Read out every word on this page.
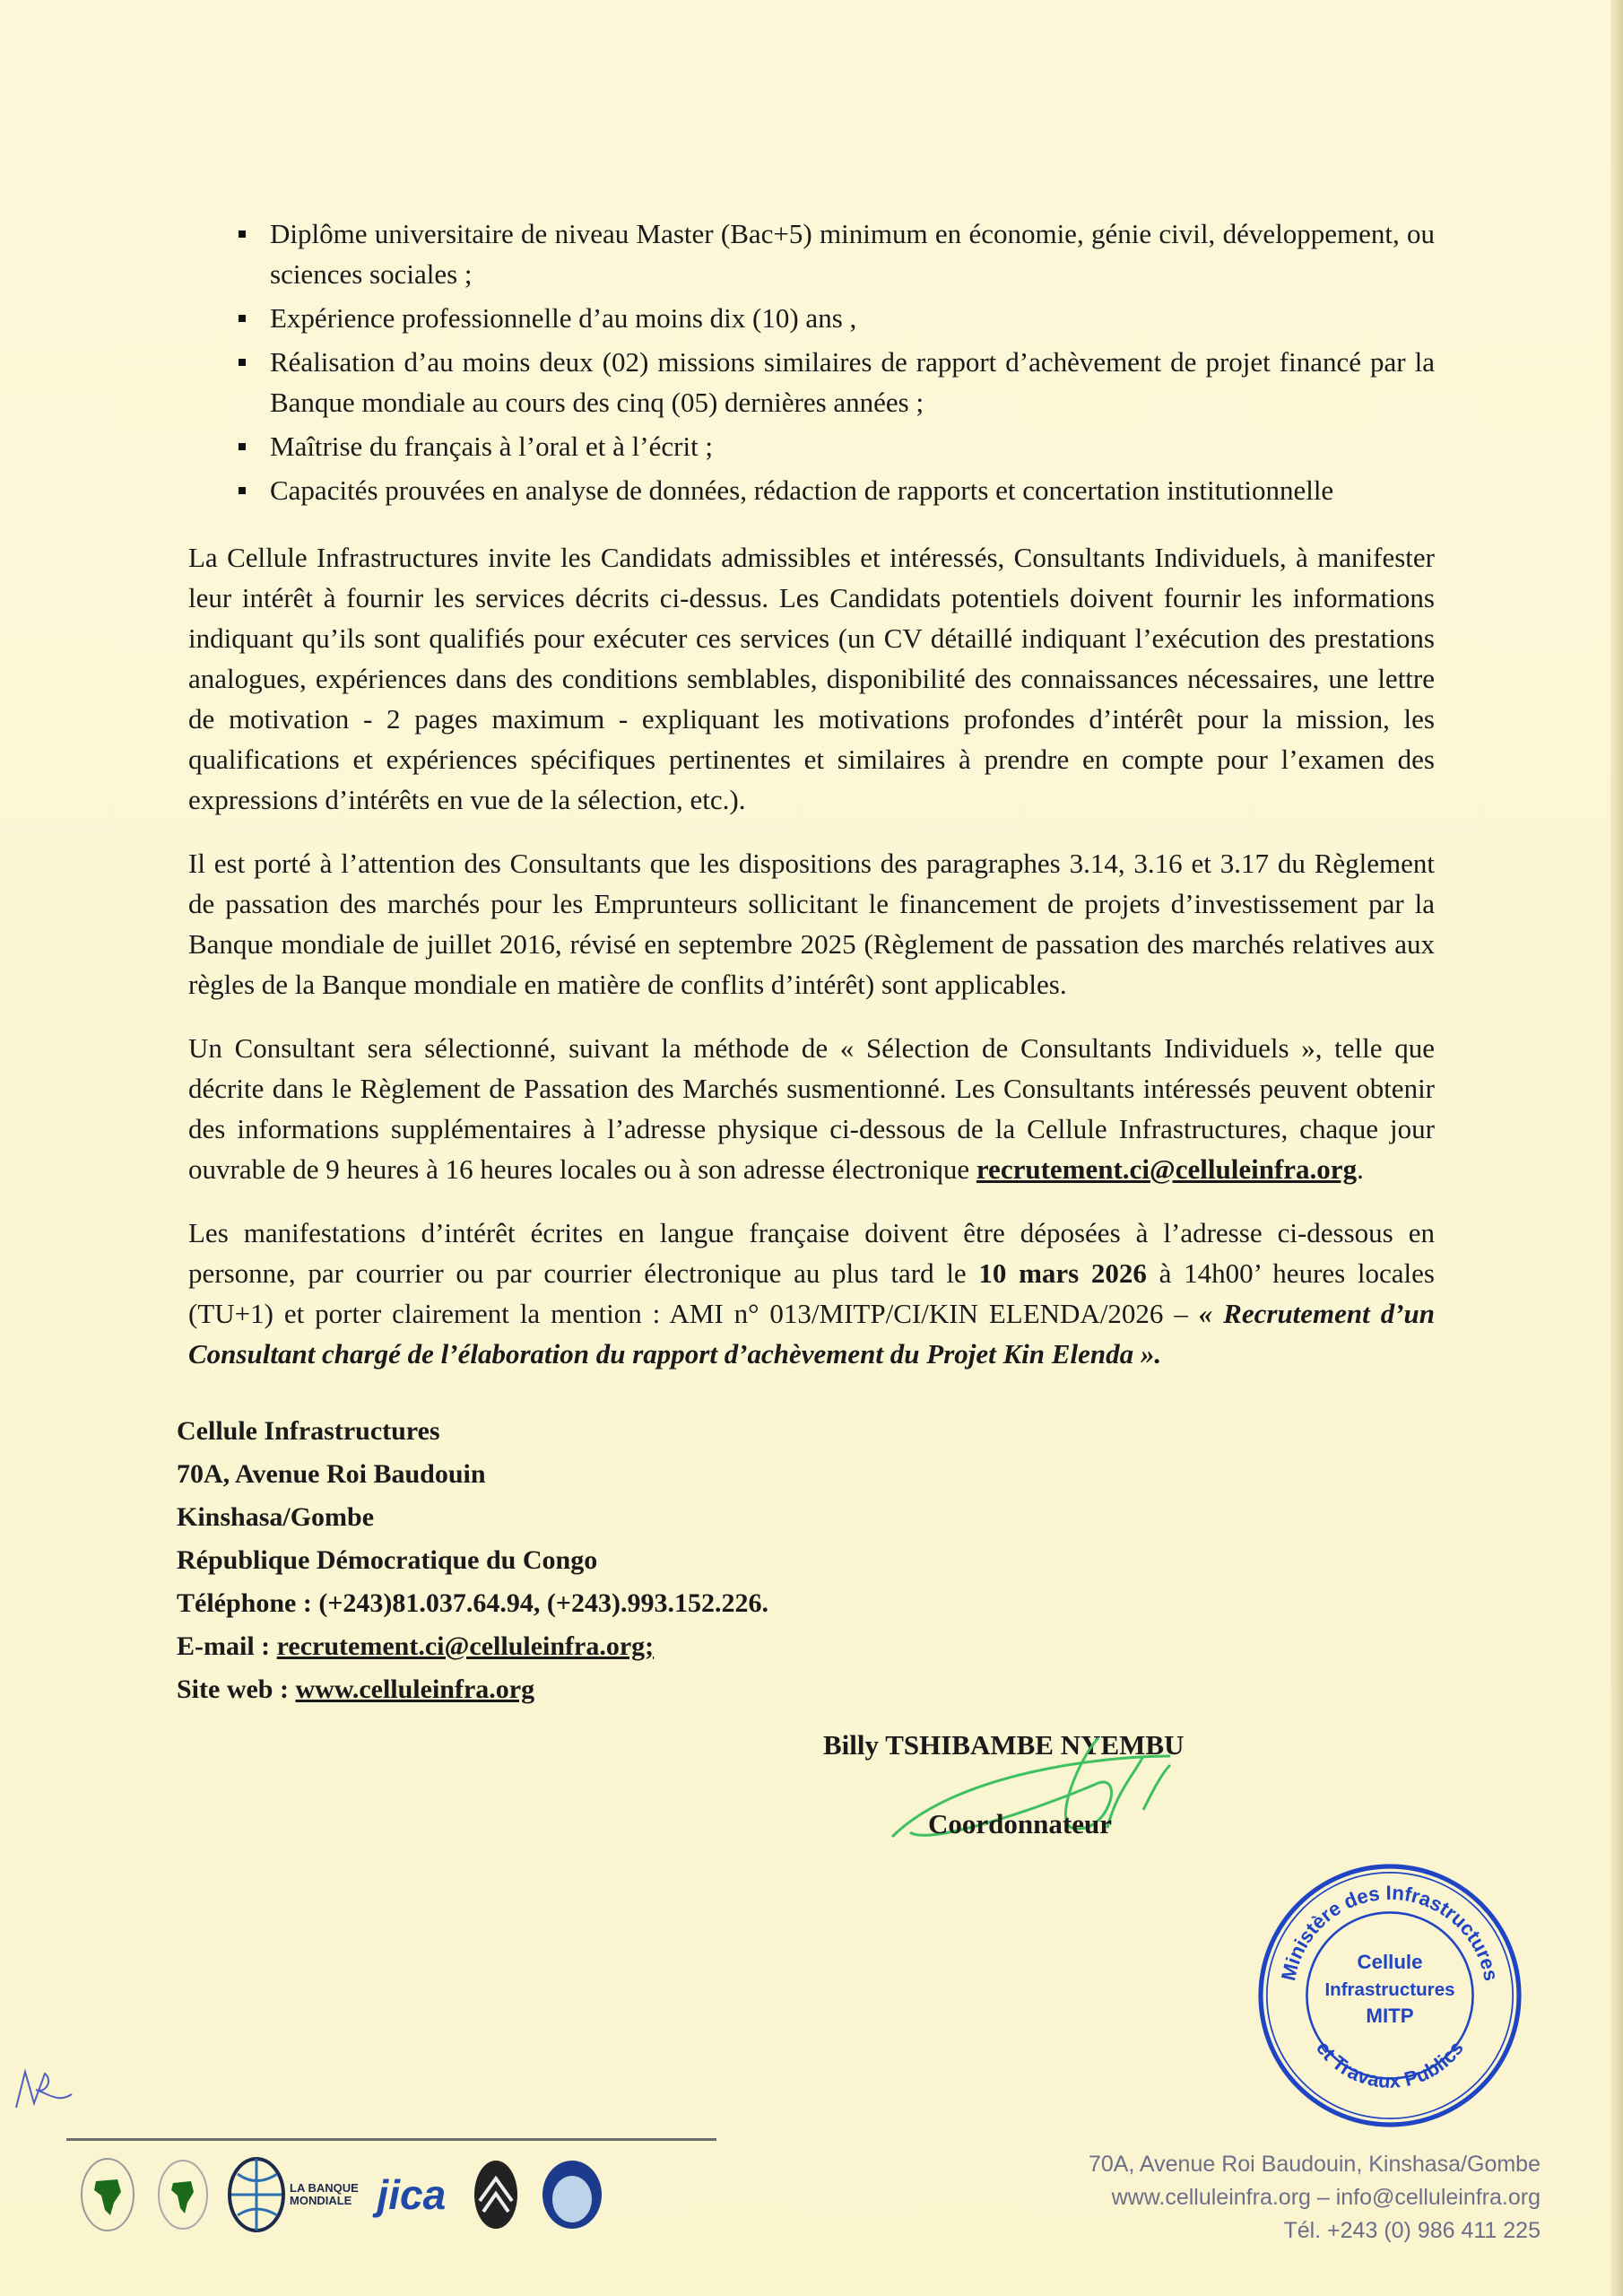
Diplôme universitaire de niveau Master (Bac+5) minimum en économie, génie civil, développement, ou sciences sociales ;
Expérience professionnelle d’au moins dix (10) ans ,
Réalisation d’au moins deux (02) missions similaires de rapport d’achèvement de projet financé par la Banque mondiale au cours des cinq (05) dernières années ;
Maîtrise du français à l’oral et à l’écrit ;
Capacités prouvées en analyse de données, rédaction de rapports et concertation institutionnelle

La Cellule Infrastructures invite les Candidats admissibles et intéressés, Consultants Individuels, à manifester leur intérêt à fournir les services décrits ci-dessus. Les Candidats potentiels doivent fournir les informations indiquant qu’ils sont qualifiés pour exécuter ces services (un CV détaillé indiquant l’exécution des prestations analogues, expériences dans des conditions semblables, disponibilité des connaissances nécessaires, une lettre de motivation - 2 pages maximum - expliquant les motivations profondes d’intérêt pour la mission, les qualifications et expériences spécifiques pertinentes et similaires à prendre en compte pour l’examen des expressions d’intérêts en vue de la sélection, etc.).

Il est porté à l’attention des Consultants que les dispositions des paragraphes 3.14, 3.16 et 3.17 du Règlement de passation des marchés pour les Emprunteurs sollicitant le financement de projets d’investissement par la Banque mondiale de juillet 2016, révisé en septembre 2025 (Règlement de passation des marchés relatives aux règles de la Banque mondiale en matière de conflits d’intérêt) sont applicables.

Un Consultant sera sélectionné, suivant la méthode de « Sélection de Consultants Individuels », telle que décrite dans le Règlement de Passation des Marchés susmentionné. Les Consultants intéressés peuvent obtenir des informations supplémentaires à l’adresse physique ci-dessous de la Cellule Infrastructures, chaque jour ouvrable de 9 heures à 16 heures locales ou à son adresse électronique recrutement.ci@celluleinfra.org.

Les manifestations d’intérêt écrites en langue française doivent être déposées à l’adresse ci-dessous en personne, par courrier ou par courrier électronique au plus tard le 10 mars 2026 à 14h00’ heures locales (TU+1) et porter clairement la mention : AMI n° 013/MITP/CI/KIN ELENDA/2026 – « Recrutement d’un Consultant chargé de l’élaboration du rapport d’achèvement du Projet Kin Elenda ».

Cellule Infrastructures
70A, Avenue Roi Baudouin
Kinshasa/Gombe
République Démocratique du Congo
Téléphone : (+243)81.037.64.94, (+243).993.152.226.
E-mail : recrutement.ci@celluleinfra.org;
Site web : www.celluleinfra.org
Billy TSHIBAMBE NYEMBU
Coordonnateur
Ministère des Infrastructures
et Travaux Publics
Cellule
Infrastructures
MITP
LA BANQUE
MONDIALE jica
70A, Avenue Roi Baudouin, Kinshasa/Gombe
www.celluleinfra.org – info@celluleinfra.org
Tél. +243 (0) 986 411 225
